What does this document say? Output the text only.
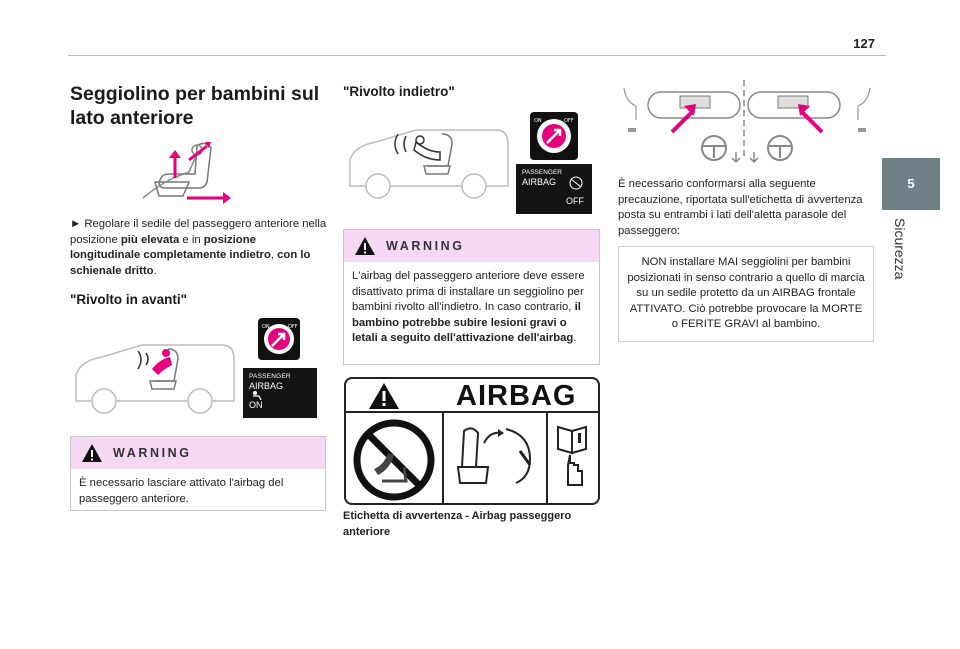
127
5
Sicurezza
Seggiolino per bambini sul
lato anteriore

► Regolare il sedile del passeggero anteriore nella posizione più elevata e in posizione longitudinale completamente indietro, con lo schienale dritto.

"Rivolto in avanti"
ON	OFF
PASSENGER
AIRBAG
ON
WARNING

È necessario lasciare attivato l'airbag del passeggero anteriore.

"Rivolto indietro"
ON	OFF
PASSENGER
AIRBAG
OFF
WARNING

L'airbag del passeggero anteriore deve essere disattivato prima di installare un seggiolino per bambini rivolto all'indietro. In caso contrario, il bambino potrebbe subire lesioni gravi o letali a seguito dell'attivazione dell'airbag.

AIRBAG

Etichetta di avvertenza - Airbag passeggero anteriore

È necessario conformarsi alla seguente precauzione, riportata sull'etichetta di avvertenza posta su entrambi i lati dell'aletta parasole del passeggero:

NON installare MAI seggiolini per bambini posizionati in senso contrario a quello di marcia su un sedile protetto da un AIRBAG frontale ATTIVATO. Ciò potrebbe provocare la MORTE o FERITE GRAVI al bambino.
